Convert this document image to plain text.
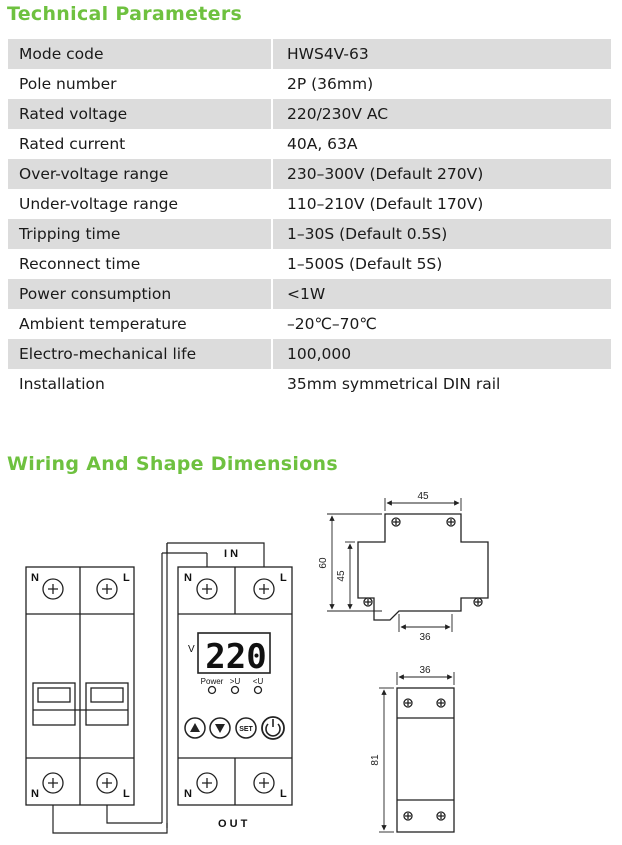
Technical Parameters
Mode code	HWS4V-63
Pole number	2P (36mm)
Rated voltage	220/230V AC
Rated current	40A, 63A
Over-voltage range	230–300V (Default 270V)
Under-voltage range	110–210V (Default 170V)
Tripping time	1–30S (Default 0.5S)
Reconnect time	1–500S (Default 5S)
Power consumption	<1W
Ambient temperature	–20℃–70℃
Electro-mechanical life	100,000
Installation	35mm symmetrical DIN rail
Wiring And Shape Dimensions
N	L
N	L
N	L
N	L
I N
O U T
220
V
Power >U <U
SET
45
60
45
36
36
81
